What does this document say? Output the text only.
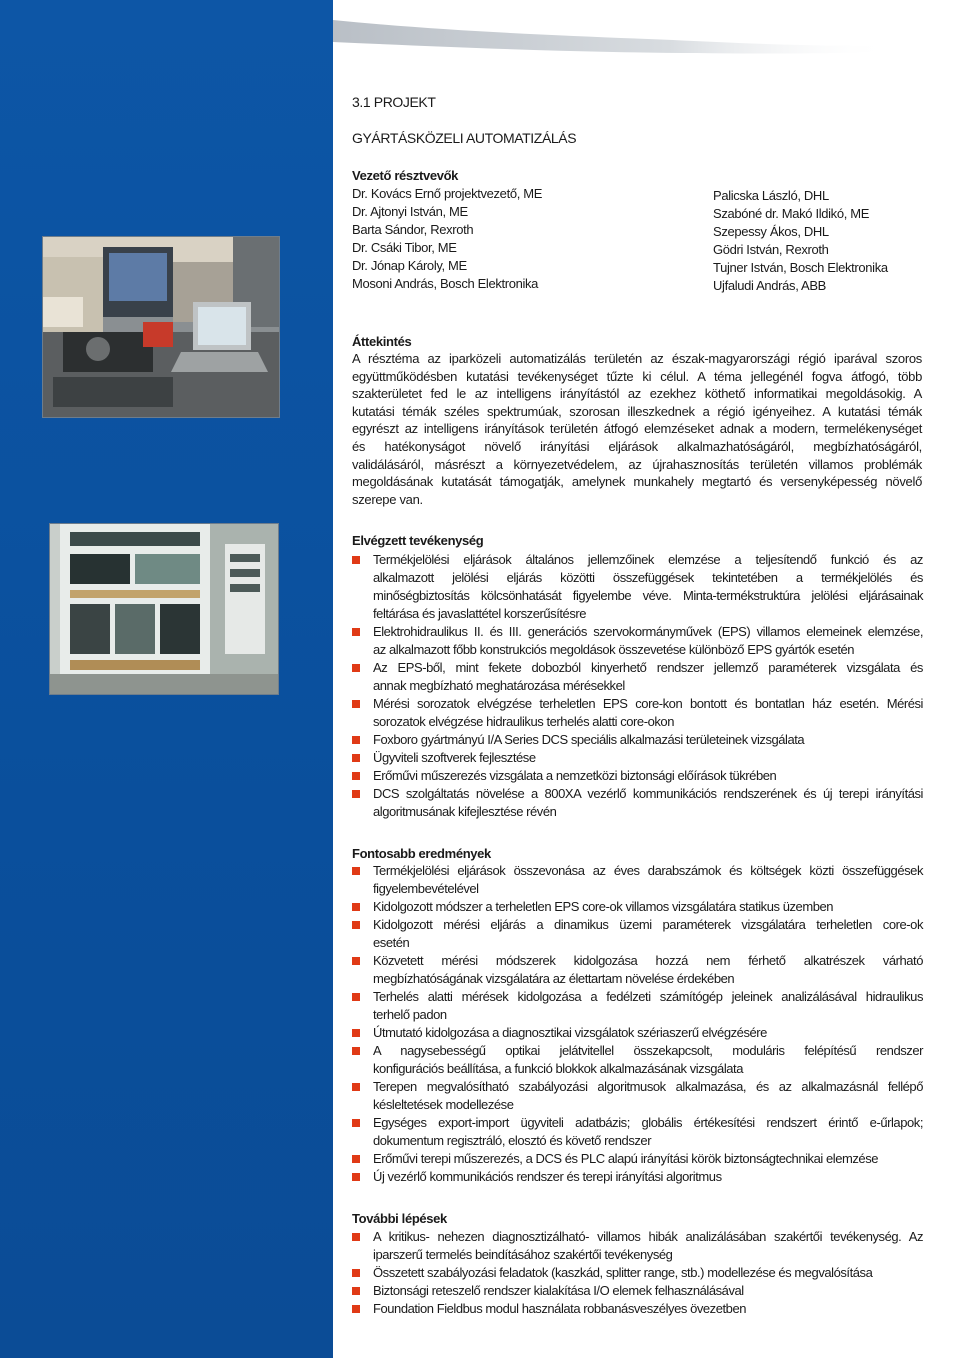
3.1 PROJEKT
GYÁRTÁSKÖZELI AUTOMATIZÁLÁS
Vezető résztvevők
Dr. Kovács Ernő projektvezető, ME
Dr. Ajtonyi István, ME
Barta Sándor, Rexroth
Dr. Csáki Tibor, ME
Dr. Jónap Károly, ME
Mosoni András, Bosch Elektronika
Palicska László, DHL
Szabóné dr. Makó Ildikó, ME
Szepessy Ákos, DHL
Gödri István, Rexroth
Tujner István, Bosch Elektronika
Ujfaludi András, ABB
Áttekintés
A résztéma az iparközeli automatizálás területén az észak-magyarországi régió iparával szoros
együttműködésben kutatási tevékenységet tűzte ki célul. A téma jellegénél fogva átfogó, több
szakterületet fed le az intelligens irányítástól az ezekhez köthető informatikai megoldásokig. A
kutatási témák széles spektrumúak, szorosan illeszkednek a régió igényeihez. A kutatási témák
egyrészt az intelligens irányítások területén átfogó elemzéseket adnak a modern, termelékenységet
és hatékonyságot növelő irányítási eljárások alkalmazhatóságáról, megbízhatóságáról,
validálásáról, másrészt a környezetvédelem, az újrahasznosítás területén villamos problémák
megoldásának kutatását támogatják, amelynek munkahely megtartó és versenyképesség növelő
szerepe van.
Elvégzett tevékenység
Termékjelölési eljárások általános jellemzőinek elemzése a teljesítendő funkció és az
alkalmazott jelölési eljárás közötti összefüggések tekintetében a termékjelölés és
minőségbiztosítás kölcsönhatását figyelembe véve. Minta-termékstruktúra jelölési eljárásainak
feltárása és javaslattétel korszerűsítésre
Elektrohidraulikus II. és III. generációs szervokormányművek (EPS) villamos elemeinek elemzése,
az alkalmazott főbb konstrukciós megoldások összevetése különböző EPS gyártók esetén
Az EPS-ből, mint fekete dobozból kinyerhető rendszer jellemző paraméterek vizsgálata és
annak megbízható meghatározása mérésekkel
Mérési sorozatok elvégzése terheletlen EPS core-kon bontott és bontatlan ház esetén. Mérési
sorozatok elvégzése hidraulikus terhelés alatti core-okon
Foxboro gyártmányú I/A Series DCS speciális alkalmazási területeinek vizsgálata
Ügyviteli szoftverek fejlesztése
Erőművi műszerezés vizsgálata a nemzetközi biztonsági előírások tükrében
DCS szolgáltatás növelése a 800XA vezérlő kommunikációs rendszerének és új terepi irányítási
algoritmusának kifejlesztése révén
Fontosabb eredmények
Termékjelölési eljárások összevonása az éves darabszámok és költségek közti összefüggések
figyelembevételével
Kidolgozott módszer a terheletlen EPS core-ok villamos vizsgálatára statikus üzemben
Kidolgozott mérési eljárás a dinamikus üzemi paraméterek vizsgálatára terheletlen core-ok
esetén
Közvetett mérési módszerek kidolgozása hozzá nem férhető alkatrészek várható
megbízhatóságának vizsgálatára az élettartam növelése érdekében
Terhelés alatti mérések kidolgozása a fedélzeti számítógép jeleinek analizálásával hidraulikus
terhelő padon
Útmutató kidolgozása a diagnosztikai vizsgálatok szériaszerű elvégzésére
A nagysebességű optikai jelátvitellel összekapcsolt, moduláris felépítésű rendszer
konfigurációs beállítása, a funkció blokkok alkalmazásának vizsgálata
Terepen megvalósítható szabályozási algoritmusok alkalmazása, és az alkalmazásnál fellépő
késleltetések modellezése
Egységes export-import ügyviteli adatbázis; globális értékesítési rendszert érintő e-űrlapok;
dokumentum regisztráló, elosztó és követő rendszer
Erőművi terepi műszerezés, a DCS és PLC alapú irányítási körök biztonságtechnikai elemzése
Új vezérlő kommunikációs rendszer és terepi irányítási algoritmus
További lépések
A kritikus- nehezen diagnosztizálható- villamos hibák analizálásában szakértői tevékenység. Az
iparszerű termelés beindításához szakértői tevékenység
Összetett szabályozási feladatok (kaszkád, splitter range, stb.) modellezése és megvalósítása
Biztonsági reteszelő rendszer kialakítása I/O elemek felhasználásával
Foundation Fieldbus modul használata robbanásveszélyes övezetben
